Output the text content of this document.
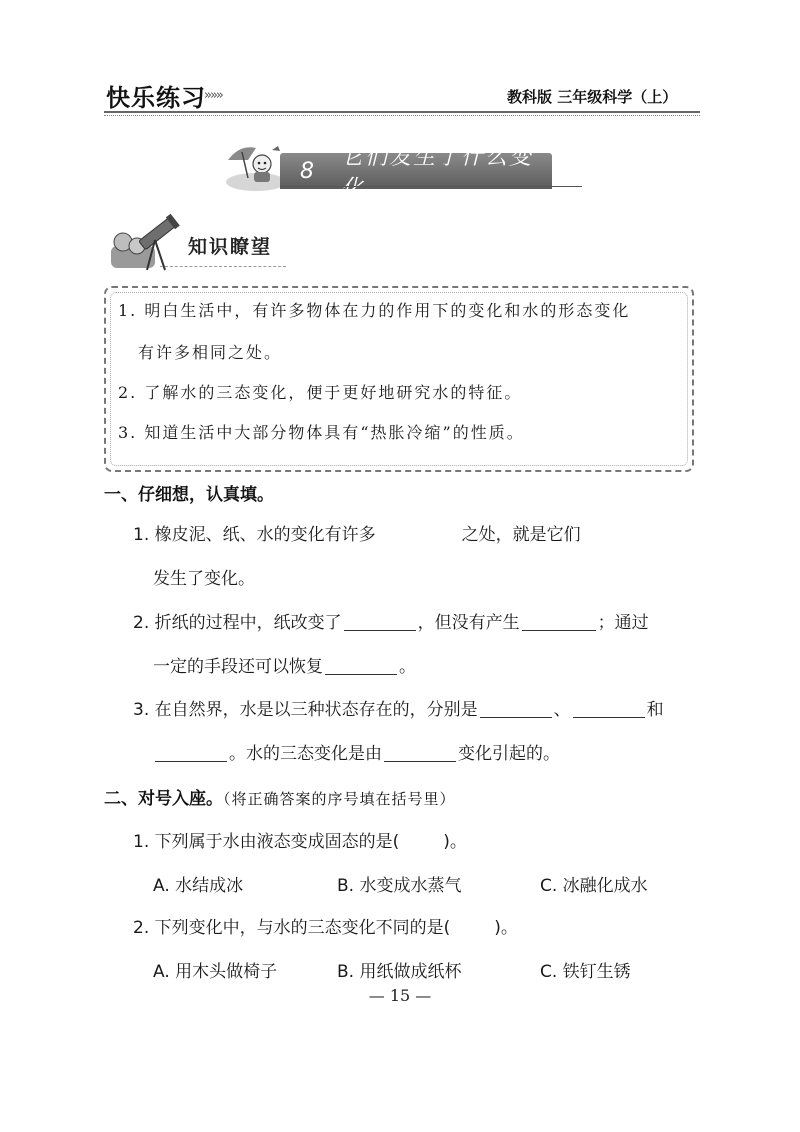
快乐练习
»»»	教科版 三年级科学（上）
8
它们发生了什么变化
知识瞭望
1. 明白生活中，有许多物体在力的作用下的变化和水的形态变化
有许多相同之处。
2. 了解水的三态变化，便于更好地研究水的特征。
3. 知道生活中大部分物体具有“热胀冷缩”的性质。
一、仔细想，认真填。
1. 橡皮泥、纸、水的变化有许多	之处，就是它们
发生了变化。
2. 折纸的过程中，纸改变了	，但没有产生	；通过
一定的手段还可以恢复	。
3. 在自然界，水是以三种状态存在的，分别是	、	和
。水的三态变化是由	变化引起的。
二、对号入座。（将正确答案的序号填在括号里）
1. 下列属于水由液态变成固态的是(	)。
A. 水结成冰	B. 水变成水蒸气	C. 冰融化成水
2. 下列变化中，与水的三态变化不同的是(	)。
A. 用木头做椅子	B. 用纸做成纸杯	C. 铁钉生锈
— 15 —
